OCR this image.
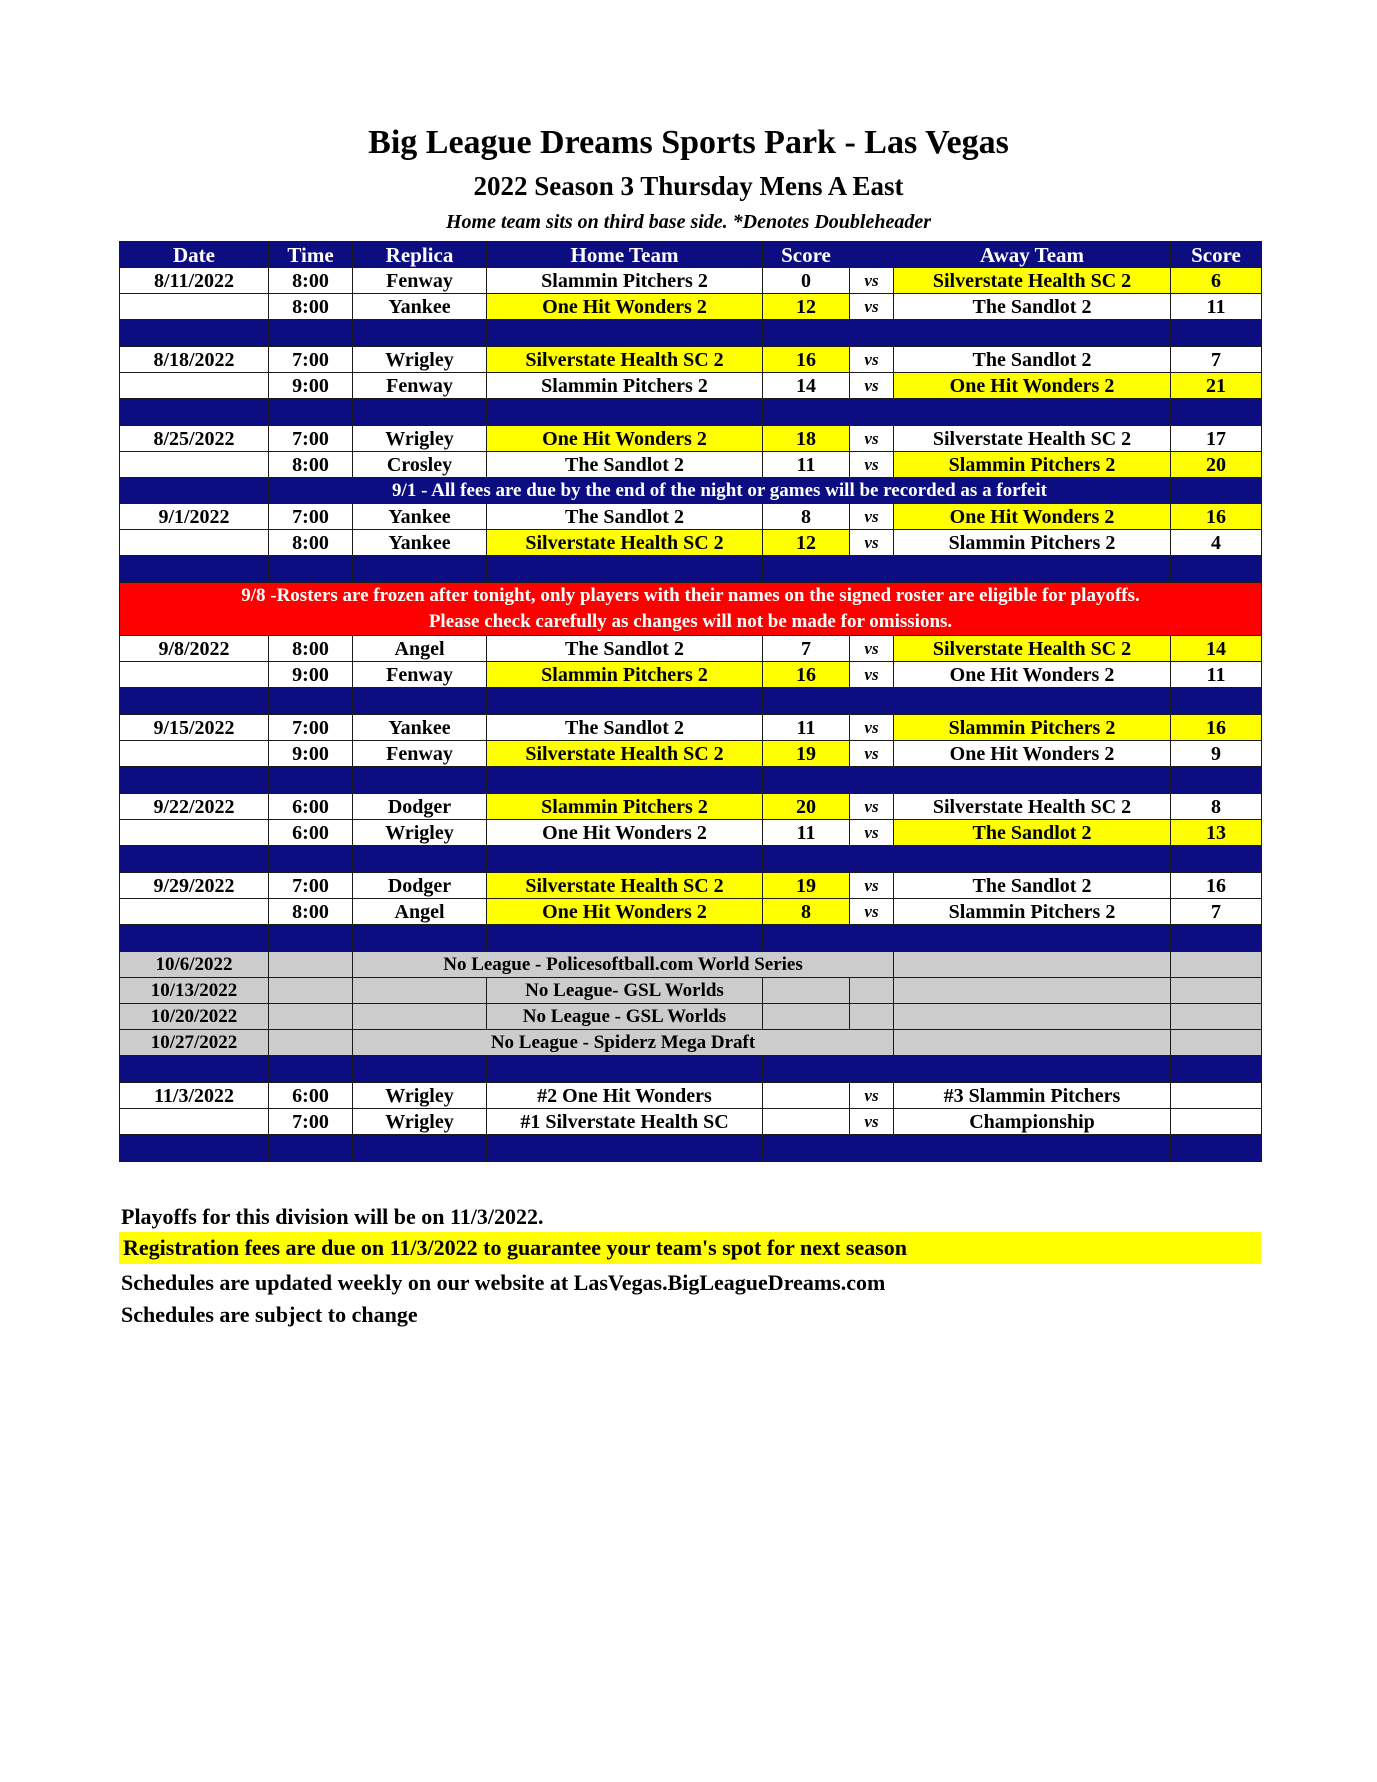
Big League Dreams Sports Park - Las Vegas
2022 Season 3 Thursday Mens A East
Home team sits on third base side. *Denotes Doubleheader
Date	Time	Replica	Home Team	Score		Away Team	Score
8/11/2022	8:00	Fenway	Slammin Pitchers 2	0	vs	Silverstate Health SC 2	6
	8:00	Yankee	One Hit Wonders 2	12	vs	The Sandlot 2	11

8/18/2022	7:00	Wrigley	Silverstate Health SC 2	16	vs	The Sandlot 2	7
	9:00	Fenway	Slammin Pitchers 2	14	vs	One Hit Wonders 2	21

8/25/2022	7:00	Wrigley	One Hit Wonders 2	18	vs	Silverstate Health SC 2	17
	8:00	Crosley	The Sandlot 2	11	vs	Slammin Pitchers 2	20
	9/1 - All fees are due by the end of the night or games will be recorded as a forfeit						
9/1/2022	7:00	Yankee	The Sandlot 2	8	vs	One Hit Wonders 2	16
	8:00	Yankee	Silverstate Health SC 2	12	vs	Slammin Pitchers 2	4

9/8 -Rosters are frozen after tonight, only players with their names on the signed roster are eligible for playoffs.
Please check carefully as changes will not be made for omissions.							
9/8/2022	8:00	Angel	The Sandlot 2	7	vs	Silverstate Health SC 2	14
	9:00	Fenway	Slammin Pitchers 2	16	vs	One Hit Wonders 2	11

9/15/2022	7:00	Yankee	The Sandlot 2	11	vs	Slammin Pitchers 2	16
	9:00	Fenway	Silverstate Health SC 2	19	vs	One Hit Wonders 2	9

9/22/2022	6:00	Dodger	Slammin Pitchers 2	20	vs	Silverstate Health SC 2	8
	6:00	Wrigley	One Hit Wonders 2	11	vs	The Sandlot 2	13

9/29/2022	7:00	Dodger	Silverstate Health SC 2	19	vs	The Sandlot 2	16
	8:00	Angel	One Hit Wonders 2	8	vs	Slammin Pitchers 2	7

10/6/2022		No League - Policesoftball.com World Series					
10/13/2022			No League- GSL Worlds				
10/20/2022			No League - GSL Worlds				
10/27/2022		No League - Spiderz Mega Draft					

11/3/2022	6:00	Wrigley	#2 One Hit Wonders		vs	#3 Slammin Pitchers	
	7:00	Wrigley	#1 Silverstate Health SC		vs	Championship	

Playoffs for this division will be on 11/3/2022.
Registration fees are due on 11/3/2022 to guarantee your team's spot for next season
Schedules are updated weekly on our website at LasVegas.BigLeagueDreams.com
Schedules are subject to change
